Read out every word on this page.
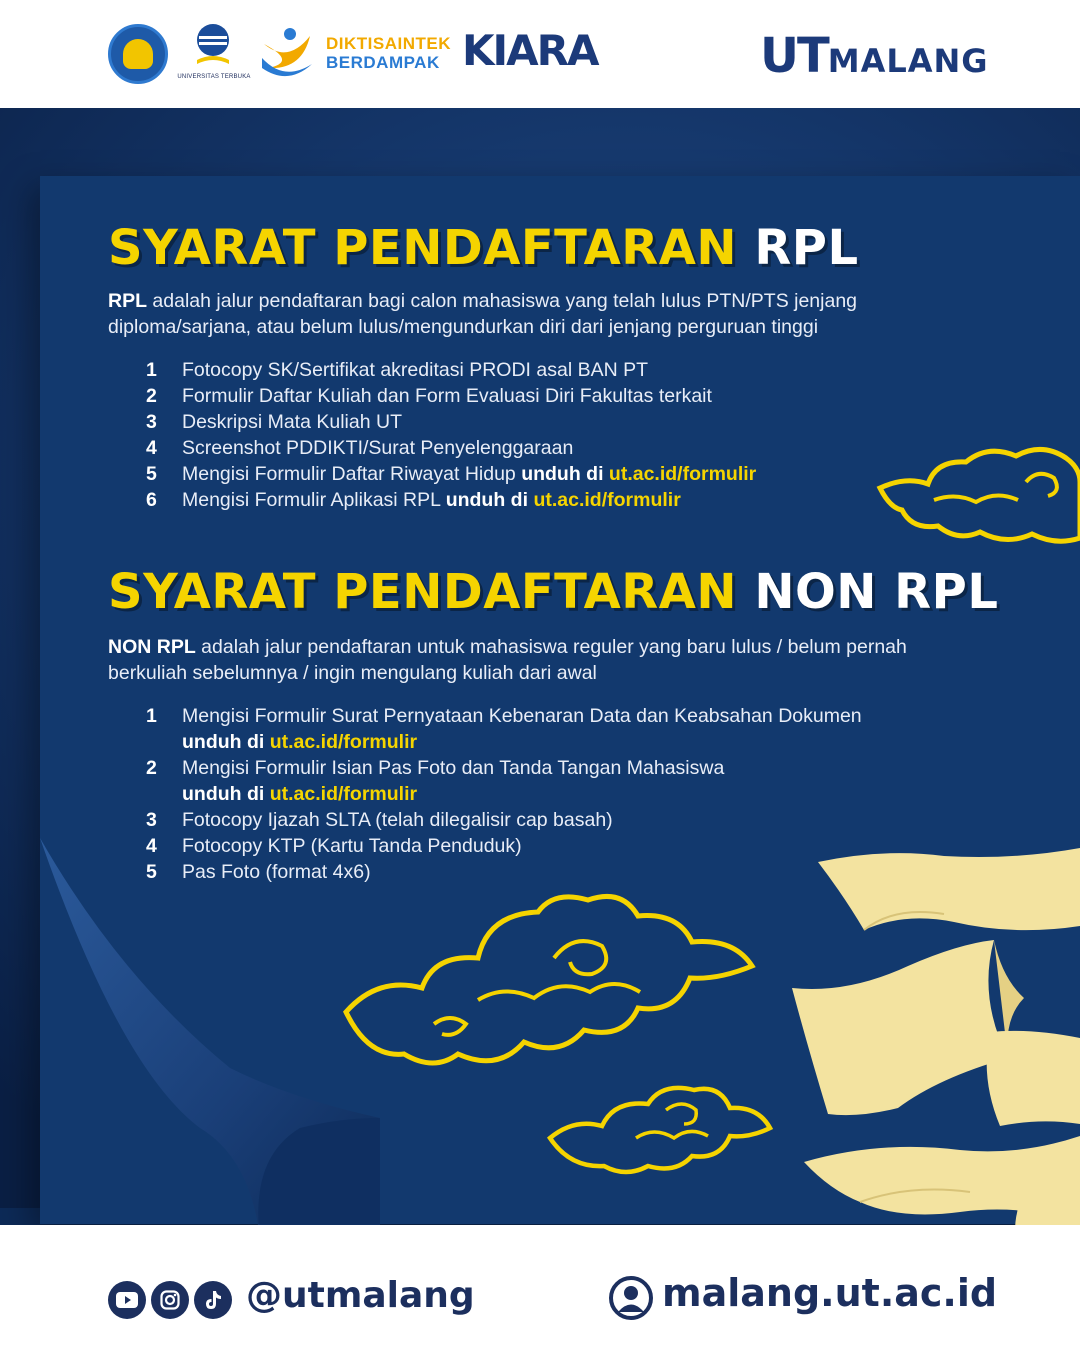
UNIVERSITAS TERBUKA
DIKTISAINTEK
BERDAMPAK KIARA	UTMALANG
SYARAT PENDAFTARAN RPL
RPL adalah jalur pendaftaran bagi calon mahasiswa yang telah lulus PTN/PTS jenjang diploma/sarjana, atau belum lulus/mengundurkan diri dari jenjang perguruan tinggi
1 Fotocopy SK/Sertifikat akreditasi PRODI asal BAN PT
2 Formulir Daftar Kuliah dan Form Evaluasi Diri Fakultas terkait
3 Deskripsi Mata Kuliah UT
4 Screenshot PDDIKTI/Surat Penyelenggaraan
5 Mengisi Formulir Daftar Riwayat Hidup unduh di ut.ac.id/formulir
6 Mengisi Formulir Aplikasi RPL unduh di ut.ac.id/formulir
SYARAT PENDAFTARAN NON RPL
NON RPL adalah jalur pendaftaran untuk mahasiswa reguler yang baru lulus / belum pernah berkuliah sebelumnya / ingin mengulang kuliah dari awal
1 Mengisi Formulir Surat Pernyataan Kebenaran Data dan Keabsahan Dokumen
unduh di ut.ac.id/formulir
2 Mengisi Formulir Isian Pas Foto dan Tanda Tangan Mahasiswa
unduh di ut.ac.id/formulir
3 Fotocopy Ijazah SLTA (telah dilegalisir cap basah)
4 Fotocopy KTP (Kartu Tanda Penduduk)
5 Pas Foto (format 4x6)
@utmalang	malang.ut.ac.id
